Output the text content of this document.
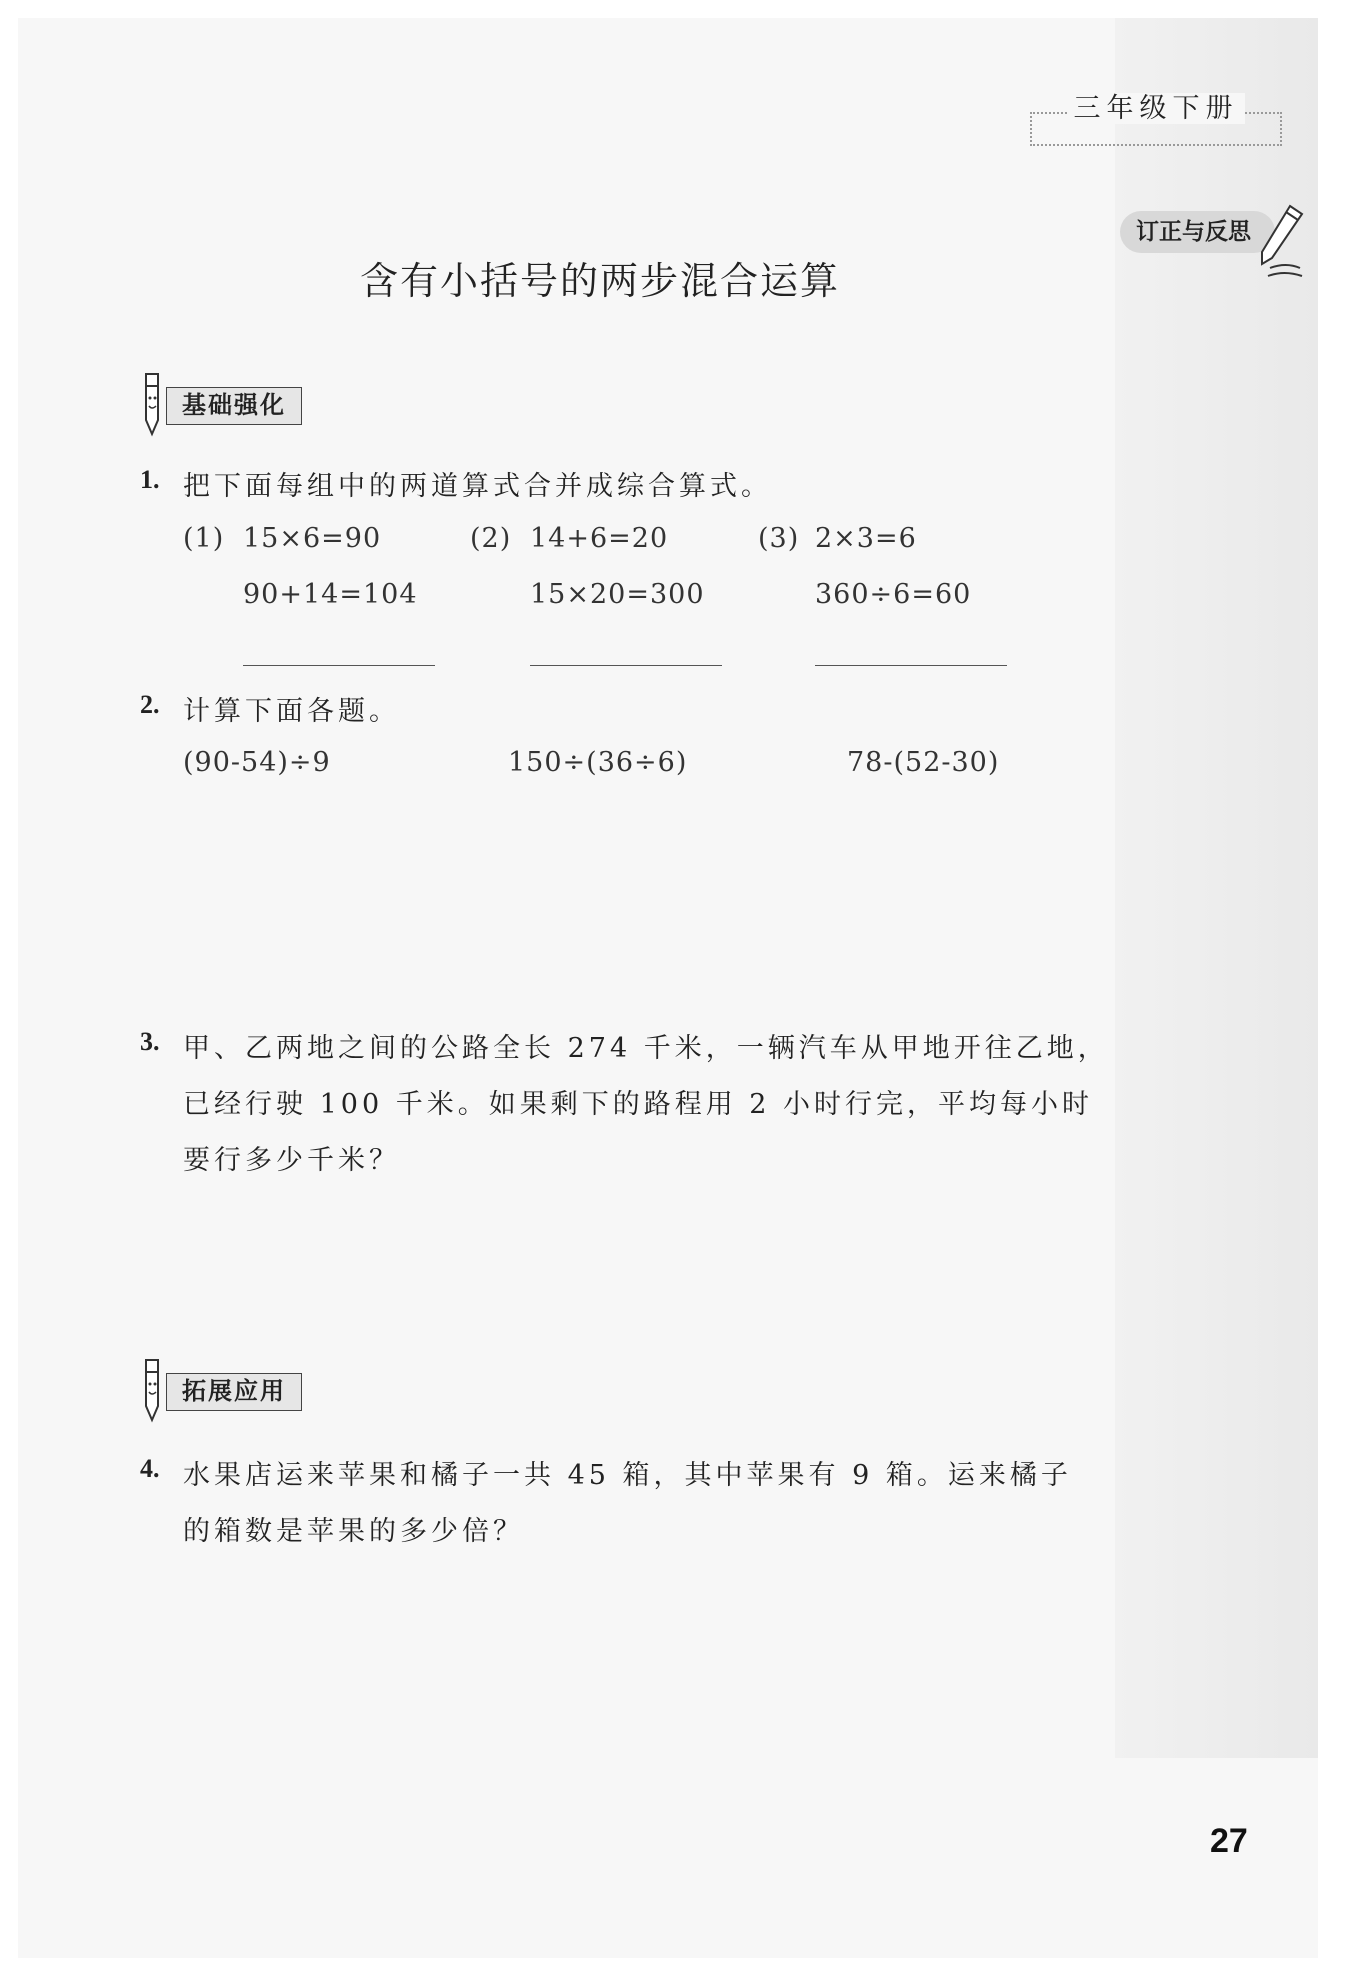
三年级下册
订正与反思
含有小括号的两步混合运算
基础强化
1. 把下面每组中的两道算式合并成综合算式。
(1) 15×6=90
90+14=104
(2) 14+6=20
15×20=300
(3) 2×3=6
360÷6=60
2. 计算下面各题。
(90-54)÷9	150÷(36÷6)	78-(52-30)
3. 甲、乙两地之间的公路全长 274 千米，一辆汽车从甲地开往乙地，
已经行驶 100 千米。如果剩下的路程用 2 小时行完，平均每小时
要行多少千米？
拓展应用
4. 水果店运来苹果和橘子一共 45 箱，其中苹果有 9 箱。运来橘子
的箱数是苹果的多少倍？
27
